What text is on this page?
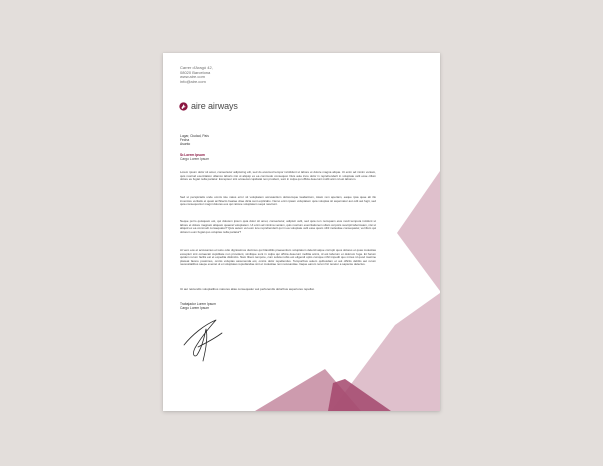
Carrer d'Aragó 42,
08020 Barcelona
www.aire.com
info@aire.com
aire airways
Lugar, Ciudad, País
Fecha
Asunto
Sr.Lorem Ipsum
Cargo Lorem Ipsum
Lorem ipsum dolor sit amet, consectetur adipiscing elit, sed do eiusmod tempor incididunt ut labore et dolore magna aliqua. Ut enim ad minim veniam, quis nostrud exercitation ullamco laboris nisi ut aliquip ex ea commodo consequat. Duis aute irure dolor in reprehenderit in voluptate velit esse cillum dolore eu fugiat nulla pariatur. Excepteur sint occaecat cupidatat non proident, sunt in culpa qui officia deserunt mollit anim id est laborum.
Sed ut perspiciatis unde omnis iste natus error sit voluptatem accusantium doloremque laudantium, totam rem aperiam, eaque ipsa quae ab illo inventore veritatis et quasi architecto beatae vitae dicta sunt explicabo. Nemo enim ipsam voluptatem quia voluptas sit aspernatur aut odit aut fugit, sed quia consequuntur magni dolores eos qui ratione voluptatem sequi nesciunt.
Neque porro quisquam est, qui dolorem ipsum quia dolor sit amet, consectetur, adipisci velit, sed quia non numquam eius modi tempora incidunt ut labore et dolore magnam aliquam quaerat voluptatem. Ut enim ad minima veniam, quis nostrum exercitationem ullam corporis suscipit laboriosam, nisi ut aliquid ex ea commodi consequatur? Quis autem vel eum iure reprehenderit qui in ea voluptate velit esse quam nihil molestiae consequatur, vel illum qui dolorem eum fugiat quo voluptas nulla pariatur?
At vero eos et accusamus et iusto odio dignissimos ducimus qui blanditiis praesentium voluptatum deleniti atque corrupti quos dolores et quas molestias excepturi sint occaecati cupiditate non provident, similique sunt in culpa qui officia deserunt mollitia animi, id est laborum et dolorum fuga. Et harum quidem rerum facilis est et expedita distinctio. Nam libero tempore, cum soluta nobis est eligendi optio cumque nihil impedit quo minus id quod maxime placeat facere possimus, omnis voluptas assumenda est, omnis dolor repellendus. Temporibus autem quibusdam et aut officiis debitis aut rerum necessitatibus saepe eveniet ut et voluptates repudiandae sint et molestiae non recusandae. Itaque earum rerum hic tenetur a sapiente delectus.
Ut aut reiciendis voluptatibus maiores alias consequatur aut perferendis doloribus asperiores repellat.
Trabajador Lorem Ipsum
Cargo Lorem Ipsum
